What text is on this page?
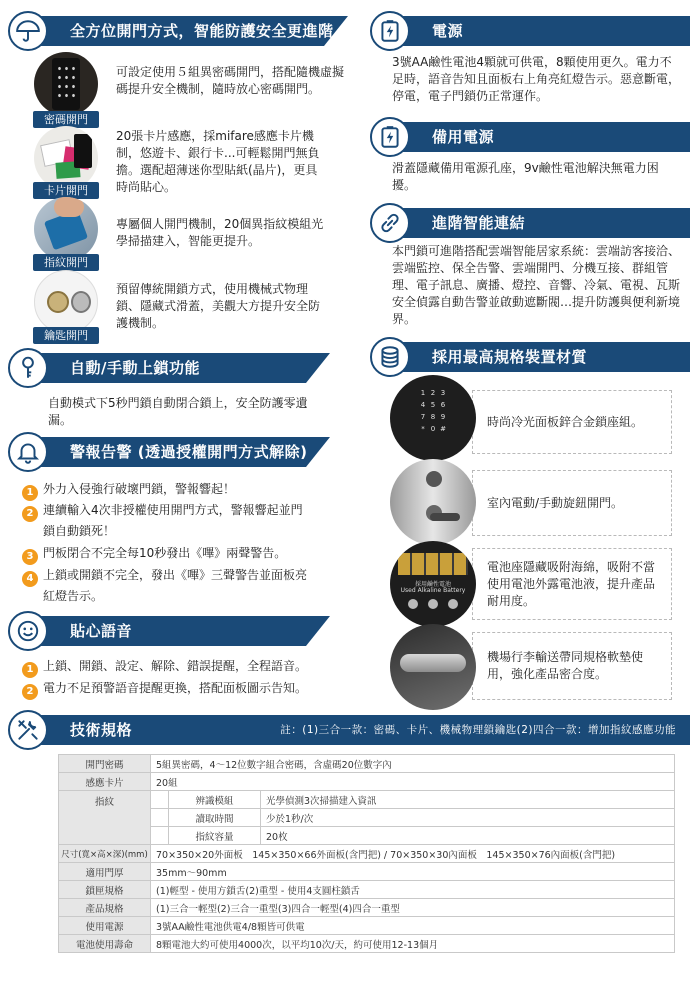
全方位開門方式，智能防護安全更進階
密碼開門
可設定使用５組異密碼開門，搭配隨機虛擬碼提升安全機制，隨時放心密碼開門。
卡片開門
20張卡片感應，採mifare感應卡片機制，悠遊卡、銀行卡...可輕鬆開門無負擔。選配超薄迷你型貼紙(晶片)，更具時尚貼心。
指紋開門
專屬個人開門機制，20個異指紋模組光學掃描建入，智能更提升。
鑰匙開門
預留傳統開鎖方式，使用機械式物理鎖、隱藏式滑蓋，美觀大方提升安全防護機制。
自動/手動上鎖功能
自動模式下5秒門鎖自動閉合鎖上，安全防護零遺漏。
警報告警 (透過授權開門方式解除)
1 外力入侵強行破壞門鎖，警報響起！
2 連續輸入4次非授權使用開門方式，警報響起並門
鎖自動鎖死！
3 門板閉合不完全每10秒發出《嗶》兩聲警告。
4 上鎖或開鎖不完全，發出《嗶》三聲警告並面板亮
紅燈告示。
貼心語音
1 上鎖、開鎖、設定、解除、錯誤提醒，全程語音。
2 電力不足預警語音提醒更換，搭配面板圖示告知。
電源
3號AA鹼性電池4顆就可供電，8顆使用更久。電力不足時，語音告知且面板右上角亮紅燈告示。惡意斷電，停電，電子門鎖仍正常運作。
備用電源
滑蓋隱藏備用電源孔座，9v鹼性電池解決無電力困擾。
進階智能連結
本門鎖可進階搭配雲端智能居家系統：雲端訪客接洽、雲端監控、保全告警、雲端開門、分機互接、群組管理、電子訊息、廣播、燈控、音響、冷氣、電視、瓦斯安全偵露自動告警並啟動遮斷閥…提升防護與便利新境界。
採用最高規格裝置材質
時尚冷光面板鋅合金鎖座組。
1 2 3
4 5 6
7 8 9
* 0 #
室內電動/手動旋鈕開門。
電池座隱藏吸附海綿，吸附不當使用電池外露電池液，提升產品耐用度。
採用鹼性電池
Used Alkaline Battery
機場行李輸送帶同規格軟墊使用，強化產品密合度。
技術規格	註：(1)三合一款：密碼、卡片、機械物理鎖鑰匙(2)四合一款：增加指紋感應功能
開門密碼	5組異密碼，4～12位數字組合密碼，含虛碼20位數字內		
感應卡片	20組		
指紋		辨識模組	光學偵測3次掃描建入資訊
		讀取時間	少於1秒/次
		指紋容量	20枚
尺寸(寬×高×深)(mm)	70×350×20外面板　145×350×66外面板(含門把) / 70×350×30內面板　145×350×76內面板(含門把)		
適用門厚	35mm～90mm		
鎖匣規格	(1)輕型 - 使用方鎖舌(2)重型 - 使用4支圓柱鎖舌		
產品規格	(1)三合一輕型(2)三合一重型(3)四合一輕型(4)四合一重型		
使用電源	3號AA鹼性電池供電4/8顆皆可供電		
電池使用壽命	8顆電池大約可使用4000次，以平均10次/天，約可使用12-13個月		
